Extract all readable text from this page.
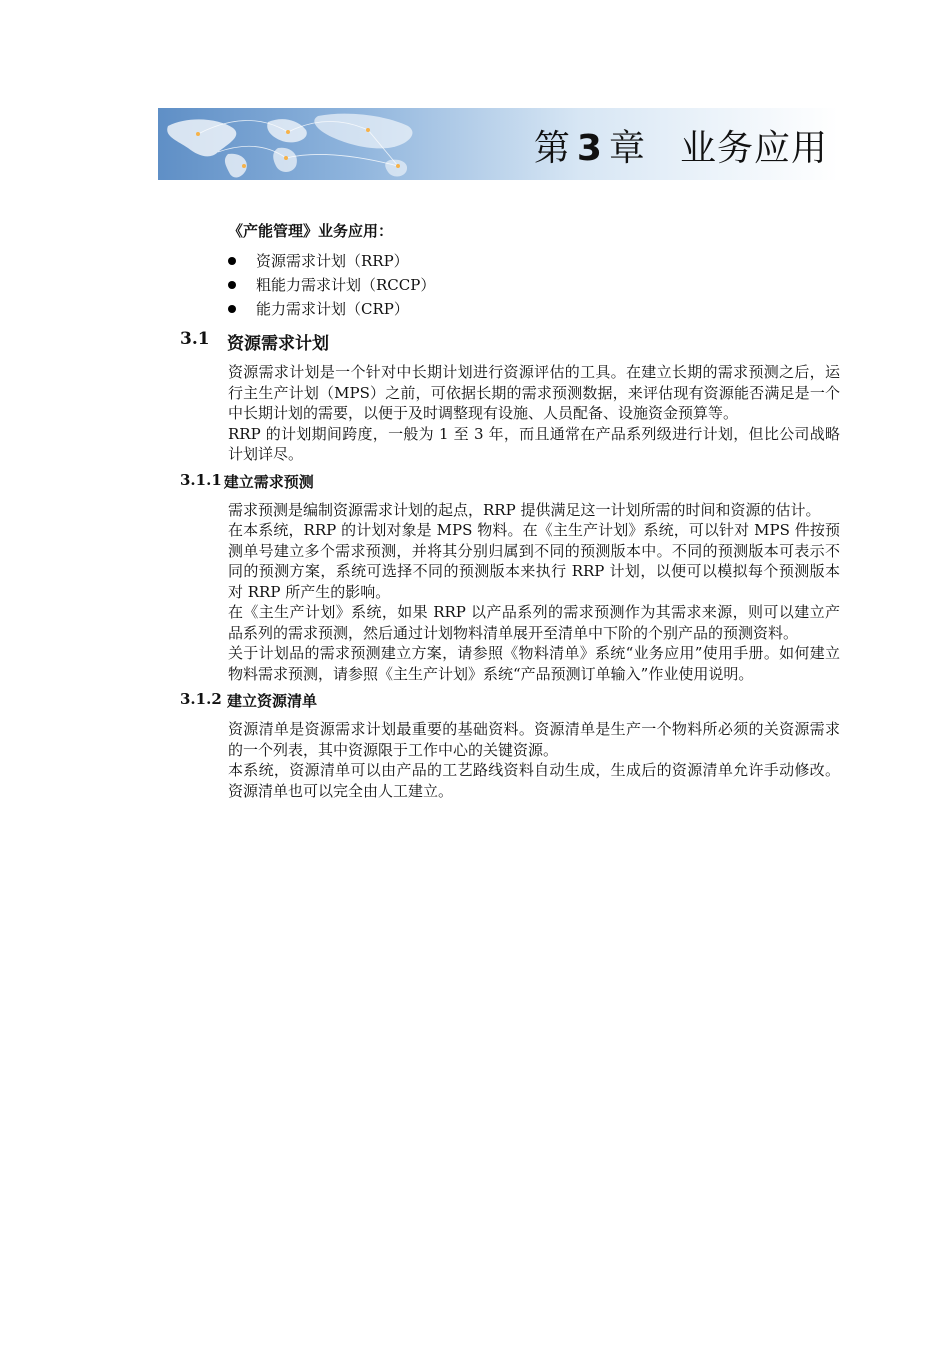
第 3 章 业务应用
《产能管理》业务应用：
资源需求计划（RRP）
粗能力需求计划（RCCP）
能力需求计划（CRP）
3.1	资源需求计划

资源需求计划是一个针对中长期计划进行资源评估的工具。在建立长期的需求预测之后，运行主生产计划（MPS）之前，可依据长期的需求预测数据，来评估现有资源能否满足是一个中长期计划的需要，以便于及时调整现有设施、人员配备、设施资金预算等。

RRP 的计划期间跨度，一般为 1 至 3 年，而且通常在产品系列级进行计划，但比公司战略计划详尽。

3.1.1 建立需求预测

需求预测是编制资源需求计划的起点，RRP 提供满足这一计划所需的时间和资源的估计。

在本系统，RRP 的计划对象是 MPS 物料。在《主生产计划》系统，可以针对 MPS 件按预测单号建立多个需求预测，并将其分别归属到不同的预测版本中。不同的预测版本可表示不同的预测方案，系统可选择不同的预测版本来执行 RRP 计划，以便可以模拟每个预测版本对 RRP 所产生的影响。

在《主生产计划》系统，如果 RRP 以产品系列的需求预测作为其需求来源，则可以建立产品系列的需求预测，然后通过计划物料清单展开至清单中下阶的个别产品的预测资料。

关于计划品的需求预测建立方案，请参照《物料清单》系统“业务应用”使用手册。如何建立物料需求预测，请参照《主生产计划》系统“产品预测订单输入”作业使用说明。

3.1.2 建立资源清单

资源清单是资源需求计划最重要的基础资料。资源清单是生产一个物料所必须的关资源需求的一个列表，其中资源限于工作中心的关键资源。

本系统，资源清单可以由产品的工艺路线资料自动生成，生成后的资源清单允许手动修改。资源清单也可以完全由人工建立。
